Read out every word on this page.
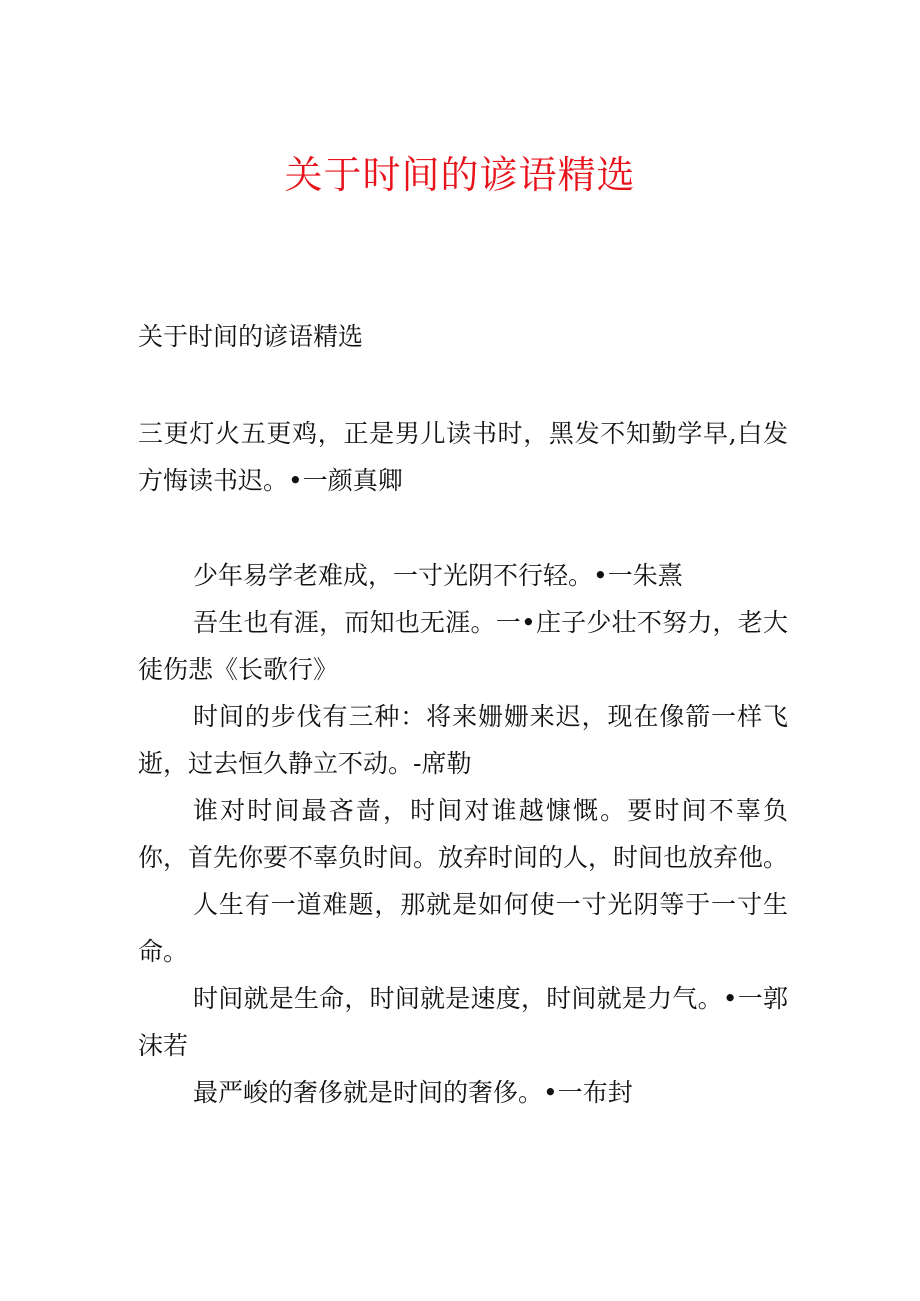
关于时间的谚语精选

关于时间的谚语精选

三更灯火五更鸡，正是男儿读书时，黑发不知勤学早,白发方悔读书迟。•一颜真卿

少年易学老难成，一寸光阴不行轻。•一朱熹

吾生也有涯，而知也无涯。一•庄子少壮不努力，老大徒伤悲《长歌行》

时间的步伐有三种：将来姗姗来迟，现在像箭一样飞逝，过去恒久静立不动。-席勒

谁对时间最吝啬，时间对谁越慷慨。要时间不辜负你，首先你要不辜负时间。放弃时间的人，时间也放弃他。

人生有一道难题，那就是如何使一寸光阴等于一寸生命。

时间就是生命，时间就是速度，时间就是力气。•一郭沫若

最严峻的奢侈就是时间的奢侈。•一布封
